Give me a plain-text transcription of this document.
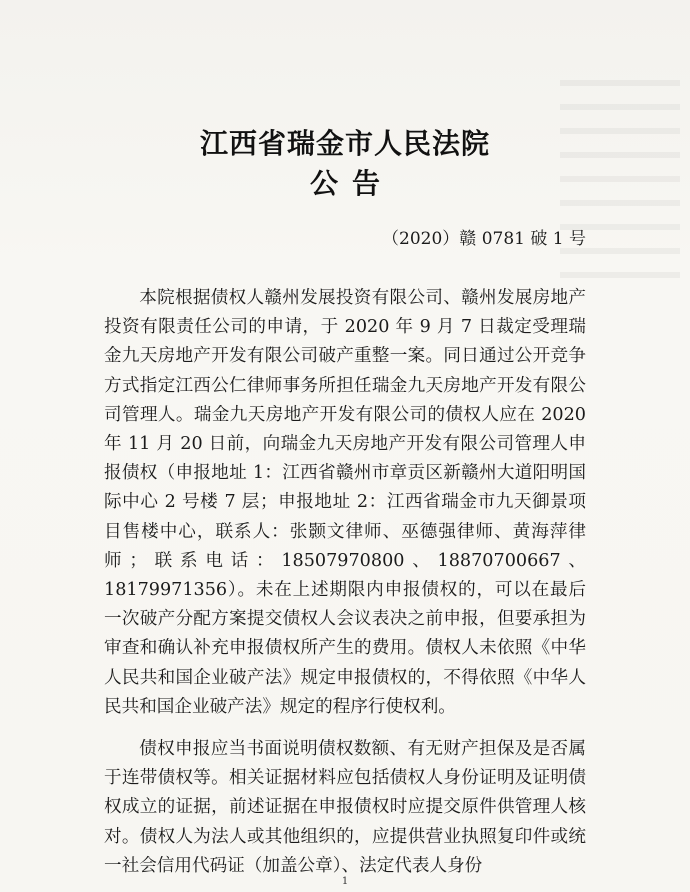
江西省瑞金市人民法院
公告
（2020）赣 0781 破 1 号

本院根据债权人赣州发展投资有限公司、赣州发展房地产投资有限责任公司的申请，于 2020 年 9 月 7 日裁定受理瑞金九天房地产开发有限公司破产重整一案。同日通过公开竞争方式指定江西公仁律师事务所担任瑞金九天房地产开发有限公司管理人。瑞金九天房地产开发有限公司的债权人应在 2020 年 11 月 20 日前，向瑞金九天房地产开发有限公司管理人申报债权（申报地址 1：江西省赣州市章贡区新赣州大道阳明国际中心 2 号楼 7 层；申报地址 2：江西省瑞金市九天御景项目售楼中心，联系人：张颢文律师、巫德强律师、黄海萍律师；联系电话：18507970800、18870700667、18179971356）。未在上述期限内申报债权的，可以在最后一次破产分配方案提交债权人会议表决之前申报，但要承担为审查和确认补充申报债权所产生的费用。债权人未依照《中华人民共和国企业破产法》规定申报债权的，不得依照《中华人民共和国企业破产法》规定的程序行使权利。

债权申报应当书面说明债权数额、有无财产担保及是否属于连带债权等。相关证据材料应包括债权人身份证明及证明债权成立的证据，前述证据在申报债权时应提交原件供管理人核对。债权人为法人或其他组织的，应提供营业执照复印件或统一社会信用代码证（加盖公章）、法定代表人身份

1
